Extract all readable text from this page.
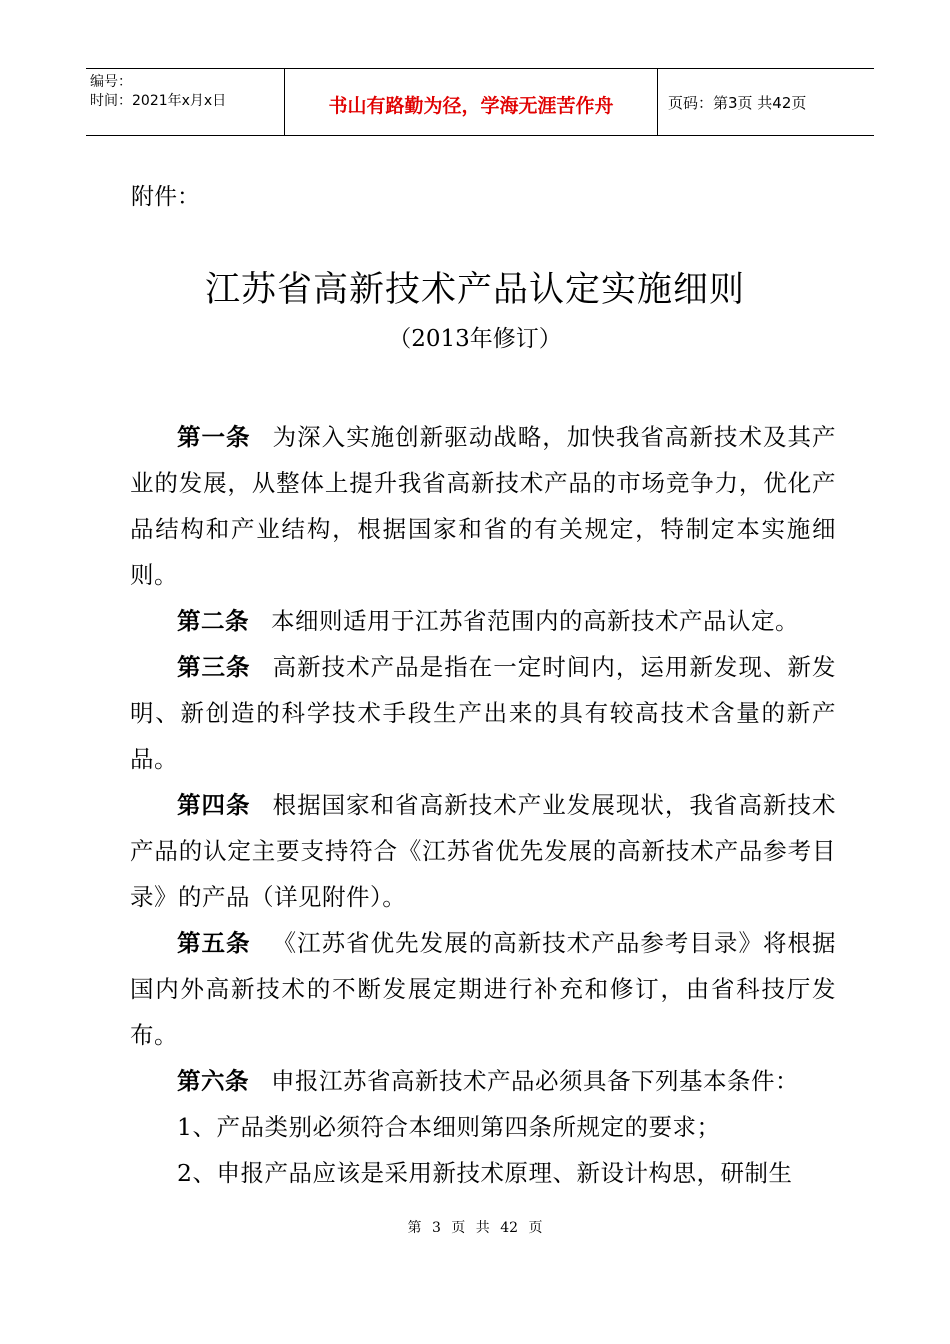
编号：
时间：2021年x月x日	书山有路勤为径，学海无涯苦作舟	页码：第3页 共42页
附件：
江苏省高新技术产品认定实施细则
（2013年修订）

第一条 为深入实施创新驱动战略，加快我省高新技术及其产业的发展，从整体上提升我省高新技术产品的市场竞争力，优化产品结构和产业结构，根据国家和省的有关规定，特制定本实施细则。

第二条 本细则适用于江苏省范围内的高新技术产品认定。

第三条 高新技术产品是指在一定时间内，运用新发现、新发明、新创造的科学技术手段生产出来的具有较高技术含量的新产品。

第四条 根据国家和省高新技术产业发展现状，我省高新技术产品的认定主要支持符合《江苏省优先发展的高新技术产品参考目录》的产品（详见附件）。

第五条 《江苏省优先发展的高新技术产品参考目录》将根据国内外高新技术的不断发展定期进行补充和修订，由省科技厅发布。

第六条 申报江苏省高新技术产品必须具备下列基本条件：

1、产品类别必须符合本细则第四条所规定的要求；

2、申报产品应该是采用新技术原理、新设计构思，研制生

第 3 页 共 42 页
